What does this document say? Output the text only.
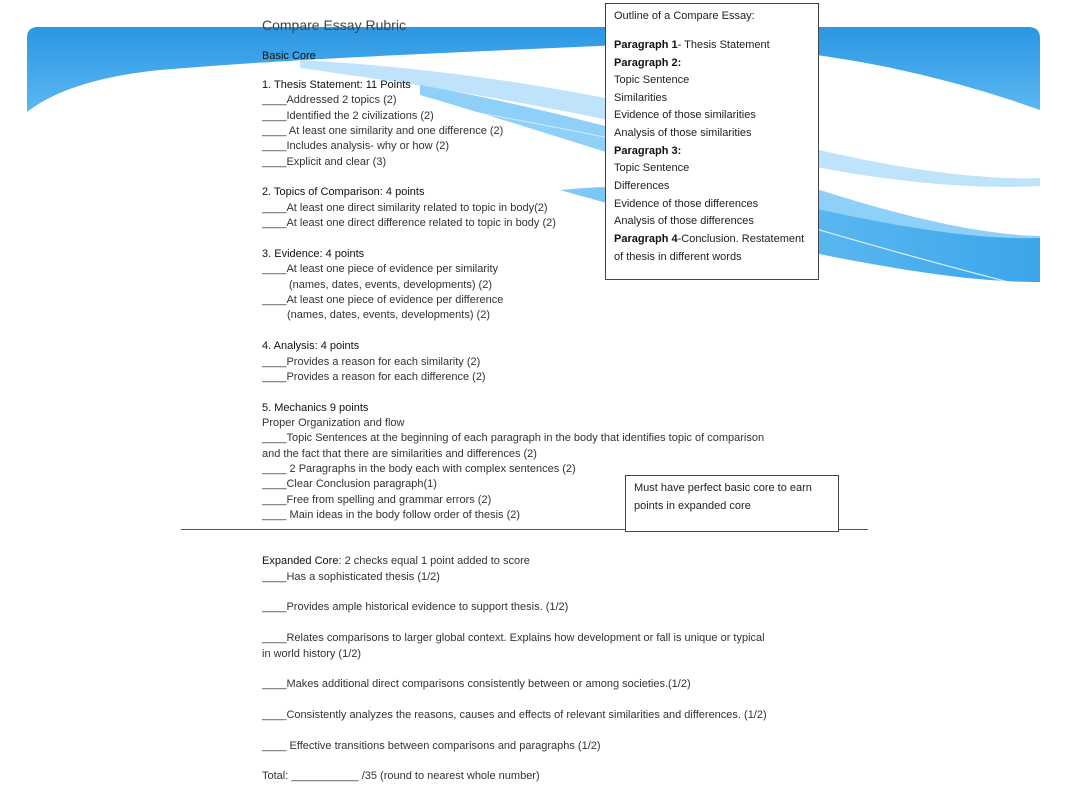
Compare Essay Rubric
Basic Core
1. Thesis Statement: 11 Points
____Addressed 2 topics (2)
____Identified the 2 civilizations (2)
____ At least one similarity and one difference (2)
____Includes analysis- why or how (2)
____Explicit and clear (3)
2. Topics of Comparison: 4 points
____At least one direct similarity related to topic in body(2)
____At least one direct difference related to topic in body (2)
3. Evidence: 4 points
____At least one piece of evidence per similarity
(names, dates, events, developments) (2)
____At least one piece of evidence per difference
(names, dates, events, developments) (2)
4. Analysis: 4 points
____Provides a reason for each similarity (2)
____Provides a reason for each difference (2)
5. Mechanics 9 points
Proper Organization and flow
____Topic Sentences at the beginning of each paragraph in the body that identifies topic of comparison
and the fact that there are similarities and differences (2)
____ 2 Paragraphs in the body each with complex sentences (2)
____Clear Conclusion paragraph(1)
____Free from spelling and grammar errors (2)
____ Main ideas in the body follow order of thesis (2)
Expanded Core: 2 checks equal 1 point added to score
____Has a sophisticated thesis (1/2)
____Provides ample historical evidence to support thesis. (1/2)
____Relates comparisons to larger global context. Explains how development or fall is unique or typical
in world history (1/2)
____Makes additional direct comparisons consistently between or among societies.(1/2)
____Consistently analyzes the reasons, causes and effects of relevant similarities and differences. (1/2)
____ Effective transitions between comparisons and paragraphs (1/2)
Total: ___________ /35 (round to nearest whole number)
Outline of a Compare Essay:
Paragraph 1- Thesis Statement
Paragraph 2:
Topic Sentence
Similarities
Evidence of those similarities
Analysis of those similarities
Paragraph 3:
Topic Sentence
Differences
Evidence of those differences
Analysis of those differences
Paragraph 4-Conclusion. Restatement
of thesis in different words
Must have perfect basic core to earn
points in expanded core
